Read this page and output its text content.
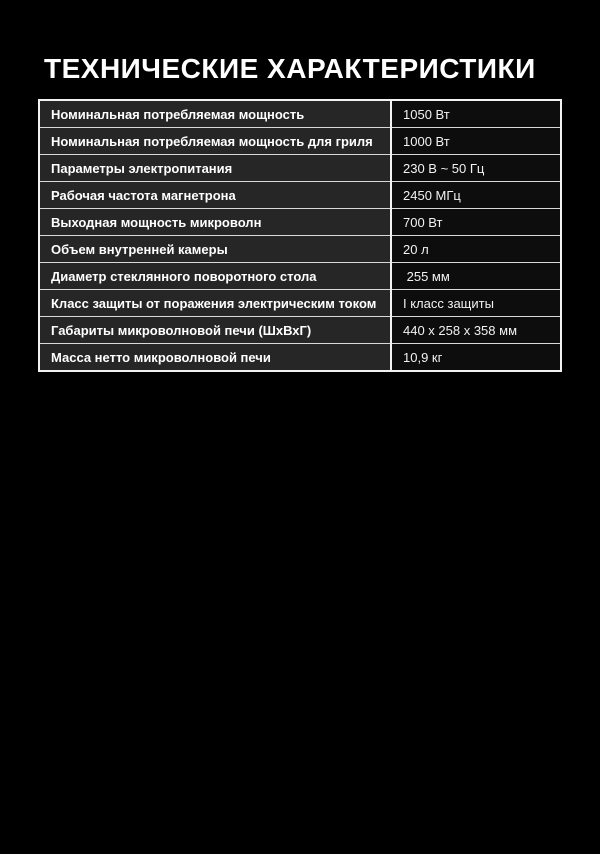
ТЕХНИЧЕСКИЕ ХАРАКТЕРИСТИКИ
Номинальная потребляемая мощность	1050 Вт
Номинальная потребляемая мощность для гриля	1000 Вт
Параметры электропитания	230 В ~ 50 Гц
Рабочая частота магнетрона	2450 МГц
Выходная мощность микроволн	700 Вт
Объем внутренней камеры	20 л
Диаметр стеклянного поворотного стола	255 мм
Класс защиты от поражения электрическим током	I класс защиты
Габариты микроволновой печи (ШхВхГ)	440 x 258 x 358 мм
Масса нетто микроволновой печи	10,9 кг
